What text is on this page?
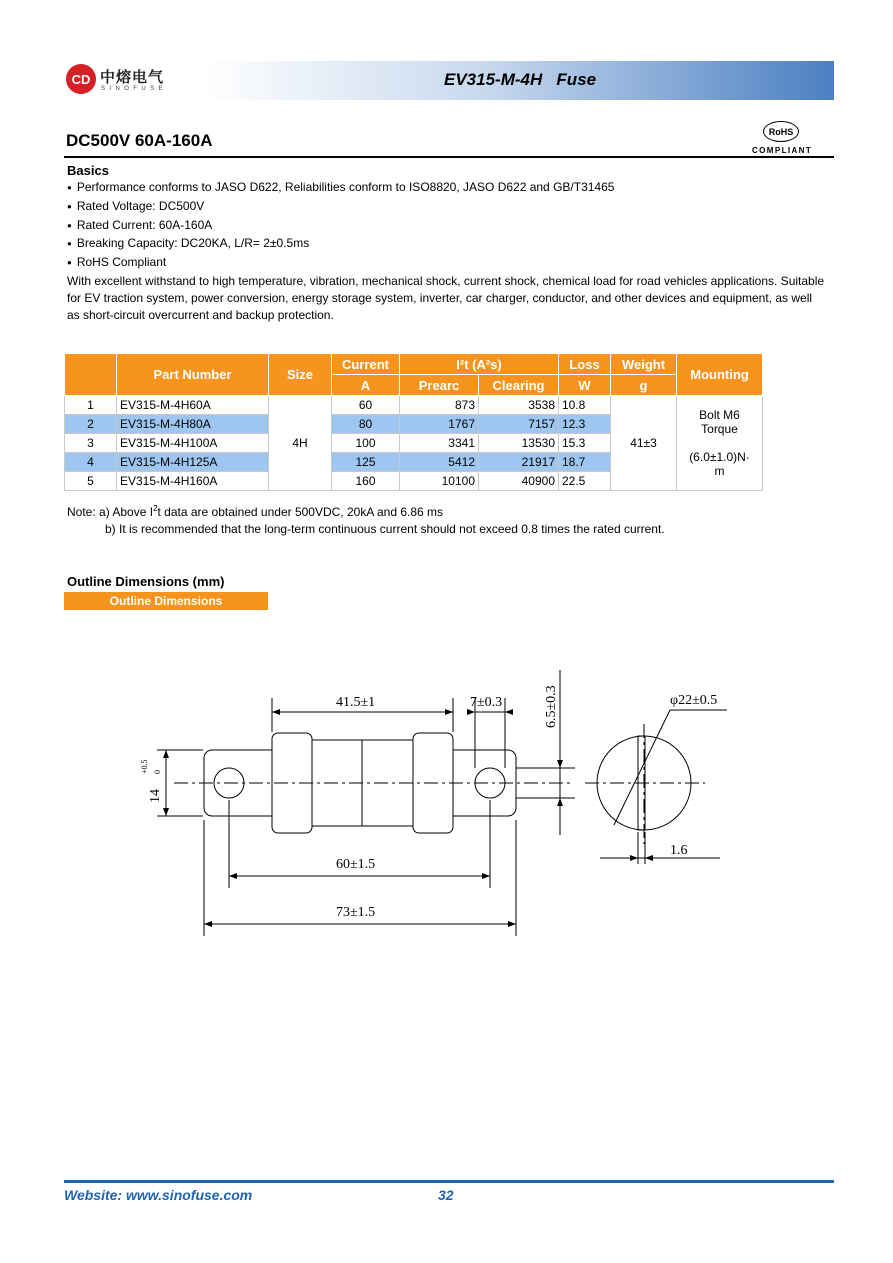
CD 中熔电气
SINOFUSE	EV315-M-4H   Fuse
DC500V 60A-160A	RoHS
COMPLIANT
Basics
● Performance conforms to JASO D622, Reliabilities conform to ISO8820, JASO D622 and GB/T31465
● Rated Voltage: DC500V
● Rated Current: 60A-160A
● Breaking Capacity: DC20KA, L/R= 2±0.5ms
● RoHS Compliant

With excellent withstand to high temperature, vibration, mechanical shock, current shock, chemical load for road vehicles applications. Suitable for EV traction system, power conversion, energy storage system, inverter, car charger, conductor, and other devices and equipment, as well as short-circuit overcurrent and backup protection.

	Part Number	Size	Current	I²t (A²s)		Loss	Weight	Mounting
			A	Prearc	Clearing	W	g	
1	EV315-M-4H60A	4H	60	873	3538	10.8	41±3	Bolt M6
Torque
(6.0±1.0)N·
m

2	EV315-M-4H80A		80	1767	7157	12.3		
3	EV315-M-4H100A		100	3341	13530	15.3		
4	EV315-M-4H125A		125	5412	21917	18.7		
5	EV315-M-4H160A		160	10100	40900	22.5		
Note: a) Above $I^2t$ data are obtained under 500VDC, 20kA and 6.86 ms
b) It is recommended that the long-term continuous current should not exceed 0.8 times the rated current.
Outline Dimensions (mm)
Outline Dimensions
41.5±1	7±0.3	6.5±0.3
14
+0.5 0
60±1.5
73±1.5
φ22±0.5
1.6
Website: www.sinofuse.com	32
